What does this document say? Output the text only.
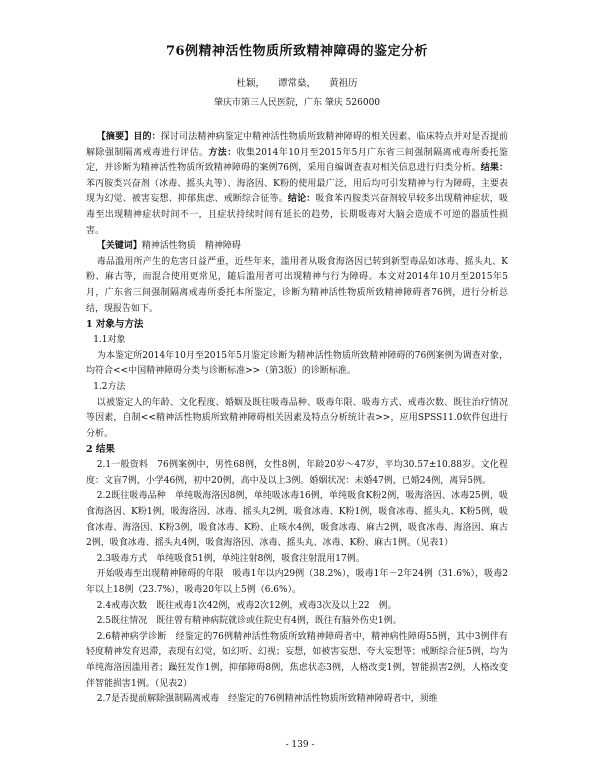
76例精神活性物质所致精神障碍的鉴定分析
杜颖， 谭常燊， 黄祖历
肇庆市第三人民医院，广东 肇庆 526000

【摘要】目的：探讨司法精神病鉴定中精神活性物质所致精神障碍的相关因素、临床特点并对是否提前解除强制隔离戒毒进行评估。方法：收集2014年10月至2015年5月广东省三间强制隔离戒毒所委托鉴定，并诊断为精神活性物质所致精神障碍的案例76例，采用自编调查表对相关信息进行归类分析。结果：苯丙胺类兴奋剂（冰毒、摇头丸等）、海洛因、K粉的使用最广泛，用后均可引发精神与行为障碍，主要表现为幻觉、被害妄想、抑郁焦虑、戒断综合征等。结论：吸食苯丙胺类兴奋剂较早较多出现精神症状，吸毒至出现精神症状时间不一，且症状持续时间有延长的趋势，长期吸毒对大脑会造成不可逆的器质性损害。

【关键词】精神活性物质　精神障碍

毒品滥用所产生的危害日益严重，近些年来，滥用者从吸食海洛因已转到新型毒品如冰毒、摇头丸、K粉、麻古等，而混合使用更常见，随后滥用者可出现精神与行为障碍。本文对2014年10月至2015年5月，广东省三间强制隔离戒毒所委托本所鉴定，诊断为精神活性物质所致精神障碍者76例，进行分析总结，现报告如下。

1 对象与方法

1.1对象

为本鉴定所2014年10月至2015年5月鉴定诊断为精神活性物质所致精神障碍的76例案例为调查对象，均符合<<中国精神障碍分类与诊断标准>>（第3版）的诊断标准。

1.2方法

以被鉴定人的年龄、文化程度、婚姻及既往吸毒品种、吸毒年限、吸毒方式、戒毒次数、既往治疗情况等因素，自制<<精神活性物质所致精神障碍相关因素及特点分析统计表>>，应用SPSS11.0软件包进行分析。

2 结果

2.1一般资料　76例案例中，男性68例，女性8例，年龄20岁～47岁，平均30.57±10.88岁。文化程度：文盲7例，小学46例，初中20例，高中及以上3例。婚姻状况：未婚47例，已婚24例，离异5例。

2.2既往吸毒品种　单纯吸海洛因8例，单纯吸冰毒16例，单纯吸食K粉2例，吸海洛因、冰毒25例，吸食海洛因、K粉1例，吸海洛因、冰毒、摇头丸2例，吸食冰毒、K粉1例，吸食冰毒、摇头丸、K粉5例，吸食冰毒、海洛因、K粉3例，吸食冰毒、K粉、止咳水4例，吸食冰毒、麻古2例，吸食冰毒、海洛因、麻古2例，吸食冰毒、摇头丸4例，吸食海洛因、冰毒、摇头丸、冰毒、K粉、麻古1例。（见表1）

2.3吸毒方式　单纯吸食51例，单纯注射8例，吸食注射混用17例。

开始吸毒至出现精神障碍的年限　吸毒1年以内29例（38.2%），吸毒1年－2年24例（31.6%），吸毒2年以上18例（23.7%），吸毒20年以上5例（6.6%）。

2.4戒毒次数　既往戒毒1次42例，戒毒2次12例，戒毒3次及以上22　例。

2.5既往情况　既往曾有精神病院就诊或住院史有4例，既往有脑外伤史1例。

2.6精神病学诊断　经鉴定的76例精神活性物质所致精神障碍者中，精神病性障碍55例，其中3例伴有轻度精神发育迟滞，表现有幻觉，如幻听、幻视；妄想，如被害妄想、夸大妄想等；戒断综合征5例，均为单纯海洛因滥用者；躁狂发作1例，抑郁障碍8例，焦虑状态3例，人格改变1例，智能损害2例，人格改变伴智能损害1例。（见表2）

2.7是否提前解除强制隔离戒毒　经鉴定的76例精神活性物质所致精神障碍者中，须维

- 139 -
